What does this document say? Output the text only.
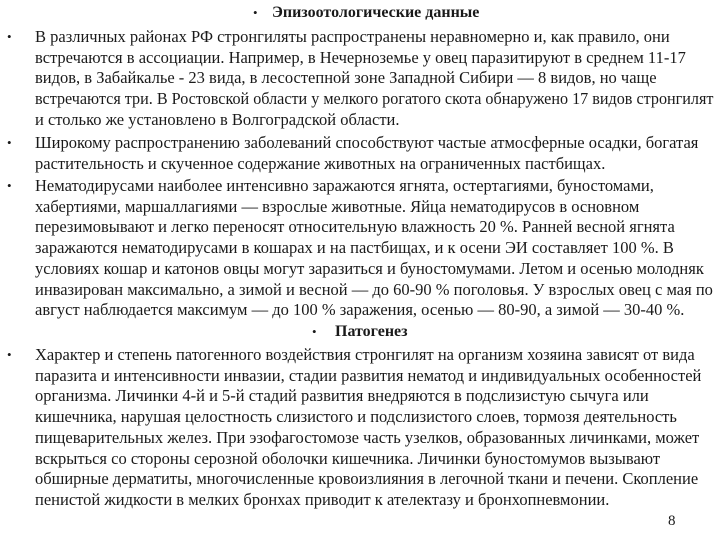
• Эпизоотологические данные
• В различных районах РФ стронгиляты распространены неравномерно и, как правило, они
встречаются в ассоциации. Например, в Нечерноземье у овец паразитируют в среднем 11-17
видов, в Забайкалье - 23 вида, в лесостепной зоне Западной Сибири — 8 видов, но чаще
встречаются три. В Ростовской области у мелкого рогатого скота обнаружено 17 видов стронгилят
и столько же установлено в Волгоградской области.
• Широкому распространению заболеваний способствуют частые атмосферные осадки, богатая
растительность и скученное содержание животных на ограниченных пастбищах.
• Нематодирусами наиболее интенсивно заражаются ягнята, остертагиями, буностомами,
хабертиями, маршаллагиями — взрослые животные. Яйца нематодирусов в основном
перезимовывают и легко переносят относительную влажность 20 %. Ранней весной ягнята
заражаются нематодирусами в кошарах и на пастбищах, и к осени ЭИ составляет 100 %. В
условиях кошар и катонов овцы могут заразиться и буностомумами. Летом и осенью молодняк
инвазирован максимально, а зимой и весной — до 60-90 % поголовья. У взрослых овец с мая по
август наблюдается максимум — до 100 % заражения, осенью — 80-90, а зимой — 30-40 %.
• Патогенез
• Характер и степень патогенного воздействия стронгилят на организм хозяина зависят от вида
паразита и интенсивности инвазии, стадии развития нематод и индивидуальных особенностей
организма. Личинки 4-й и 5-й стадий развития внедряются в подслизистую сычуга или
кишечника, нарушая целостность слизистого и подслизистого слоев, тормозя деятельность
пищеварительных желез. При эзофагостомозе часть узелков, образованных личинками, может
вскрыться со стороны серозной оболочки кишечника. Личинки буностомумов вызывают
обширные дерматиты, многочисленные кровоизлияния в легочной ткани и печени. Скопление
пенистой жидкости в мелких бронхах приводит к ателектазу и бронхопневмонии.
8
